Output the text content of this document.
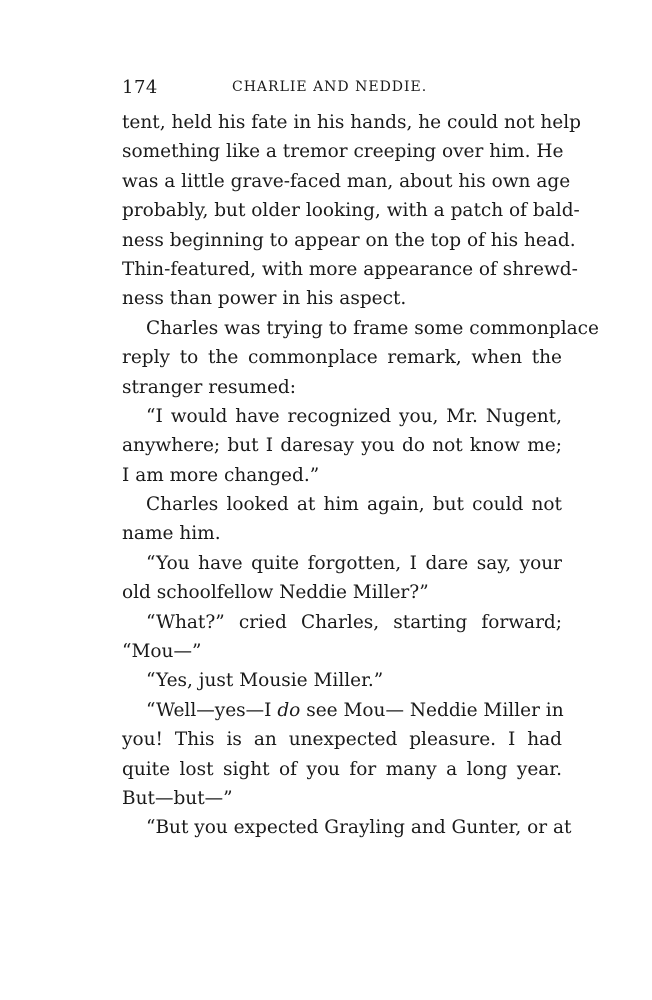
174	CHARLIE AND NEDDIE.
tent, held his fate in his hands, he could not help
something like a tremor creeping over him. He
was a little grave-faced man, about his own age
probably, but older looking, with a patch of bald-
ness beginning to appear on the top of his head.
Thin-featured, with more appearance of shrewd-
ness than power in his aspect.
Charles was trying to frame some commonplace
reply to the commonplace remark, when the
stranger resumed:
“I would have recognized you, Mr. Nugent,
anywhere; but I daresay you do not know me;
I am more changed.”
Charles looked at him again, but could not
name him.
“You have quite forgotten, I dare say, your
old schoolfellow Neddie Miller?”
“What?” cried Charles, starting forward;
“Mou—”
“Yes, just Mousie Miller.”
“Well—yes—I do see Mou— Neddie Miller in
you! This is an unexpected pleasure. I had
quite lost sight of you for many a long year.
But—but—”
“But you expected Grayling and Gunter, or at
